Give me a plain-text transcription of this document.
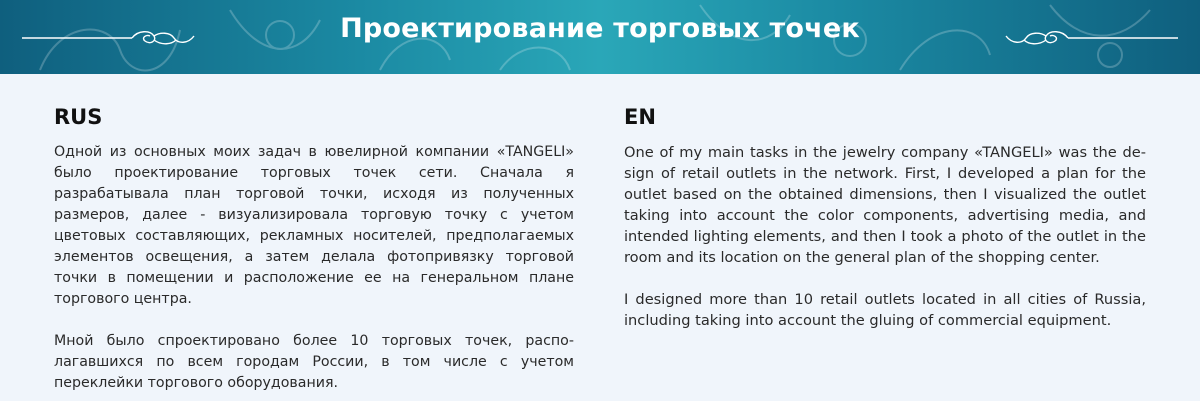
Проектирование торговых точек
RUS

Одной из основных моих задач в ювелирной компании «TANGELI» было проектирование торговых точек сети. Сначала я разрабатывала план торговой точки, исходя из полученных размеров, далее - визуализировала торговую точку с учетом цветовых составляющих, рекламных носителей, предполагаемых элементов освещения, а затем делала фотопривязку торговой точки в помещении и расположение ее на генеральном плане торгового центра.

Мной было спроектировано более 10 торговых точек, располагавшихся по всем городам России, в том числе с учетом переклейки торгового оборудования.

EN

One of my main tasks in the jewelry company «TANGELI» was the design of retail outlets in the network. First, I developed a plan for the outlet based on the obtained dimensions, then I visualized the outlet taking into account the color components, advertising media, and intended lighting elements, and then I took a photo of the outlet in the room and its location on the general plan of the shopping center.

I designed more than 10 retail outlets located in all cities of Russia, including taking into account the gluing of commercial equipment.
